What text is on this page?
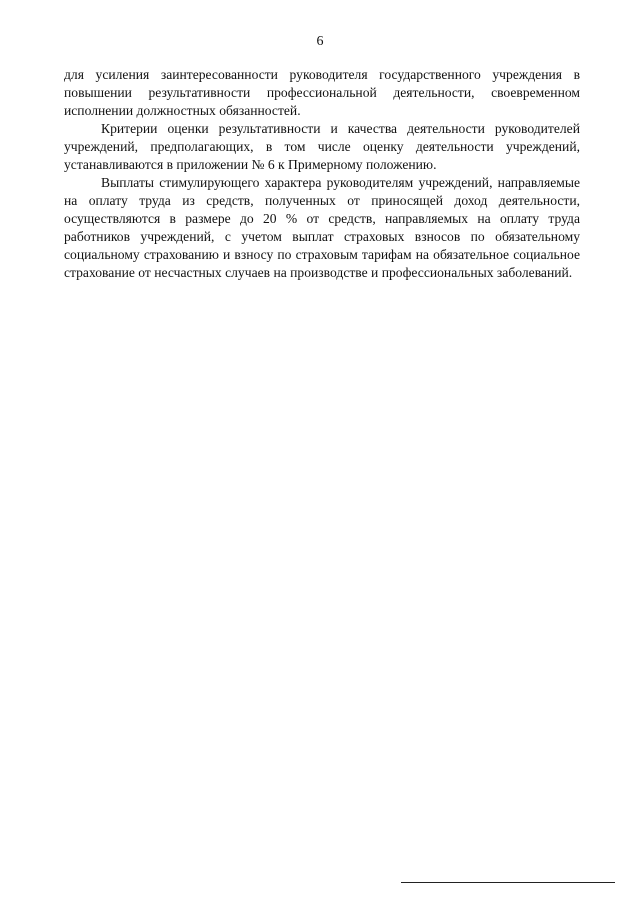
6

для усиления заинтересованности руководителя государственного учреждения в повышении результативности профессиональной деятельности, своевременном исполнении должностных обязанностей.

Критерии оценки результативности и качества деятельности руководителей учреждений, предполагающих, в том числе оценку деятельности учреждений, устанавливаются в приложении № 6 к Примерному положению.

Выплаты стимулирующего характера руководителям учреждений, направляемые на оплату труда из средств, полученных от приносящей доход деятельности, осуществляются в размере до 20 % от средств, направляемых на оплату труда работников учреждений, с учетом выплат страховых взносов по обязательному социальному страхованию и взносу по страховым тарифам на обязательное социальное страхование от несчастных случаев на производстве и профессиональных заболеваний.
